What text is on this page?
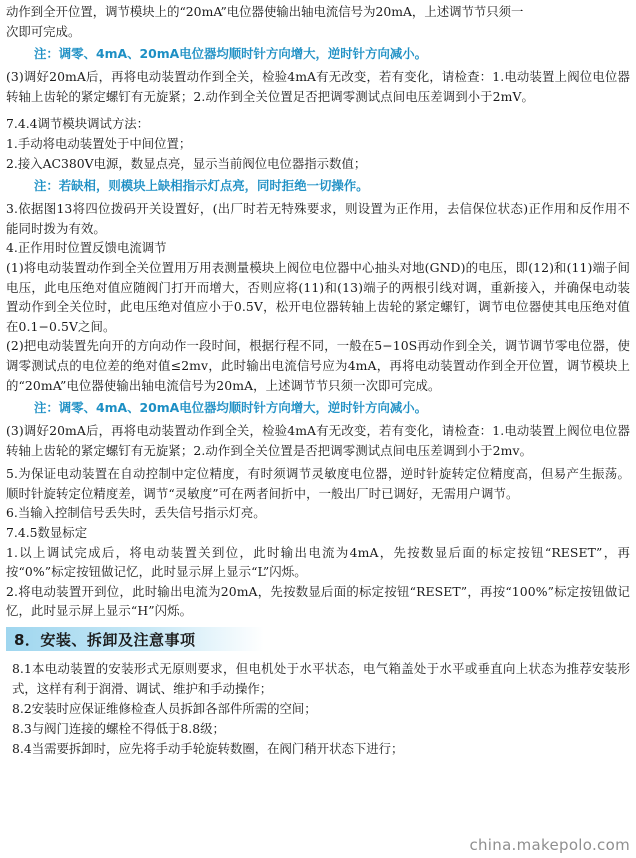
动作到全开位置，调节模块上的“20mA”电位器使输出轴电流信号为20mA，上述调节节只须一

次即可完成。

注：调零、4mA、20mA电位器均顺时针方向增大，逆时针方向减小。

(3)调好20mA后，再将电动装置动作到全关，检验4mA有无改变，若有变化，请检查：1.电动装置上阀位电位器转轴上齿轮的紧定螺钉有无旋紧；2.动作到全关位置足否把调零测试点间电压差调到小于2mV。

7.4.4调节模块调试方法：

1.手动将电动装置处于中间位置；

2.接入AC380V电源，数显点亮，显示当前阀位电位器指示数值；

注：若缺相，则模块上缺相指示灯点亮，同时拒绝一切操作。

3.依据图13将四位拨码开关设置好，(出厂时若无特殊要求，则设置为正作用，去信保位状态)正作用和反作用不能同时拨为有效。

4.正作用时位置反馈电流调节

(1)将电动装置动作到全关位置用万用表测量模块上阀位电位器中心抽头对地(GND)的电压，即(12)和(11)端子间电压，此电压绝对值应随阀门打开而增大，否则应将(11)和(13)端子的两根引线对调，重新接入，并确保电动装置动作到全关位时，此电压绝对值应小于0.5V，松开电位器转轴上齿轮的紧定螺钉，调节电位器使其电压绝对值在0.1−0.5V之间。

(2)把电动装置先向开的方向动作一段时间，根据行程不同，一般在5−10S再动作到全关，调节调节零电位器，使调零测试点的电位差的绝对值≤2mv，此时输出电流信号应为4mA，再将电动装置动作到全开位置，调节模块上的“20mA”电位器使输出轴电流信号为20mA，上述调节节只须一次即可完成。

注：调零、4mA、20mA电位器均顺时针方向增大，逆时针方向减小。

(3)调好20mA后，再将电动装置动作到全关，检验4mA有无改变，若有变化，请检查：1.电动装置上阀位电位器转轴上齿轮的紧定螺钉有无旋紧；2.动作到全关位置是否把调零测试点间电压差调到小于2mv。

5.为保证电动装置在自动控制中定位精度，有时须调节灵敏度电位器，逆时针旋转定位精度高，但易产生振荡。顺时针旋转定位精度差，调节“灵敏度”可在两者间折中，一般出厂时已调好，无需用户调节。

6.当输入控制信号丢失时，丢失信号指示灯亮。

7.4.5数显标定

1.以上调试完成后，将电动装置关到位，此时输出电流为4mA，先按数显后面的标定按钮“RESET”，再按“0%”标定按钮做记忆，此时显示屏上显示“L”闪烁。

2.将电动装置开到位，此时输出电流为20mA，先按数显后面的标定按钮“RESET”，再按“100%”标定按钮做记忆，此时显示屏上显示“H”闪烁。

8．安装、拆卸及注意事项

8.1本电动装置的安装形式无原则要求，但电机处于水平状态，电气箱盖处于水平或垂直向上状态为推荐安装形式，这样有利于润滑、调试、维护和手动操作；

8.2安装时应保证维修检查人员拆卸各部件所需的空间；

8.3与阀门连接的螺栓不得低于8.8级；

8.4当需要拆卸时，应先将手动手轮旋转数圈，在阀门稍开状态下进行；

china.makepolo.com
